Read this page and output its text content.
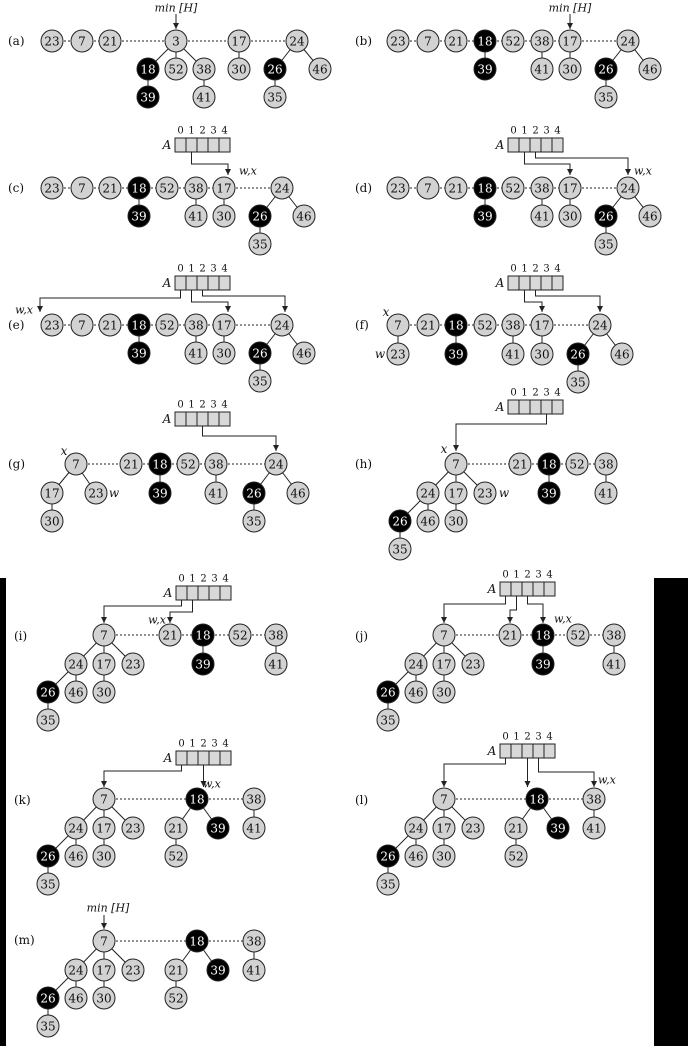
(a) 23 7 21	3
18
39
52 38
41
17
30
24
26
35
46
min [H]
(b) 23 7 21 18
39
52 38
41
17
30
24
26
35
46
min [H]
(c) 23 7 21 18
39
52 38
41
17
30
24
26
35
46
A
0 1 2 3 4
w,x
(d) 23 7 21 18
39
52 38
41
17
30
24
26
35
46
A
0 1 2 3 4
w,x
(e) 23 7 21 18
39
52 38
41
17
30
24
26
35
46
A
0 1 2 3 4
w,x
(f) 7
23
21 18
39
52 38
41
17
30
24
26
35
46
A
0 1 2 3 4
x
w
(g)	7
17
30
23
21 18
39
52 38
41
24
26
35
46
A
0 1 2 3 4
x
w
(h)	7
24
26
35
46
17
30
23
21 18
39
52 38
41
A
0 1 2 3 4
x
w
(i)	7
24
26
35
46
17
30
23
21 18
39
52 38
41
A
0 1 2 3 4
w,x
(j)	7
24
26
35
46
17
30
23
21 18
39
52 38
41
A
0 1 2 3 4
w,x
(k)	7
24
26
35
46
17
30
23
18
21
52
39
38
41
A
0 1 2 3 4
w,x
(l)	7
24
26
35
46
17
30
23
18
21
52
39
38
41
A
0 1 2 3 4
w,x
(m)	7
24
26
35
46
17
30
23
18
21
52
39
38
41
min [H]
